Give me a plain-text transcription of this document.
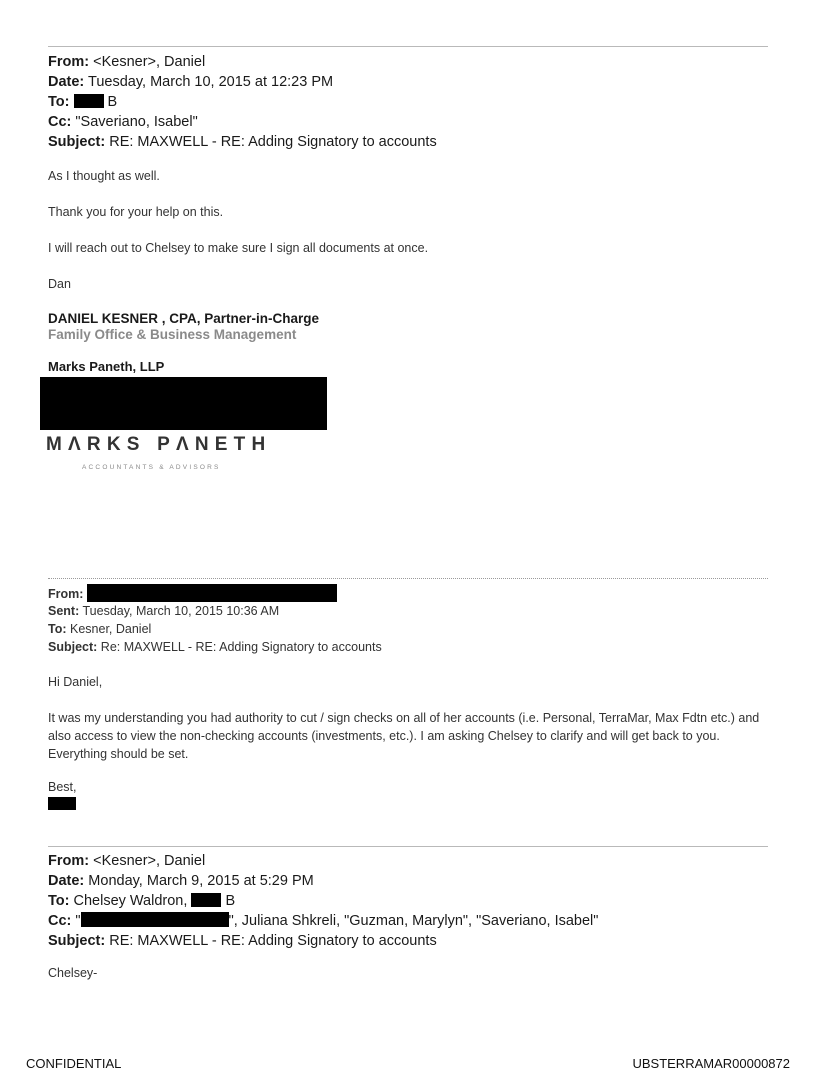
From: <Kesner>, Daniel
Date: Tuesday, March 10, 2015 at 12:23 PM
To:	B
Cc: "Saveriano, Isabel"
Subject: RE: MAXWELL - RE: Adding Signatory to accounts
As I thought as well.
Thank you for your help on this.
I will reach out to Chelsey to make sure I sign all documents at once.
Dan
DANIEL KESNER , CPA, Partner-in-Charge
Family Office & Business Management
Marks Paneth, LLP
MΛRKS PΛNETH
ACCOUNTANTS & ADVISORS
From:
Sent: Tuesday, March 10, 2015 10:36 AM
To: Kesner, Daniel
Subject: Re: MAXWELL - RE: Adding Signatory to accounts
Hi Daniel,
It was my understanding you had authority to cut / sign checks on all of her accounts (i.e. Personal, TerraMar, Max Fdtn etc.) and also access to view the non-checking accounts (investments, etc.). I am asking Chelsey to clarify and will get back to you. Everything should be set.
Best,
From: <Kesner>, Daniel
Date: Monday, March 9, 2015 at 5:29 PM
To: Chelsey Waldron,	B
Cc: "	", Juliana Shkreli, "Guzman, Marylyn", "Saveriano, Isabel"
Subject: RE: MAXWELL - RE: Adding Signatory to accounts
Chelsey-
CONFIDENTIAL	UBSTERRAMAR00000872
